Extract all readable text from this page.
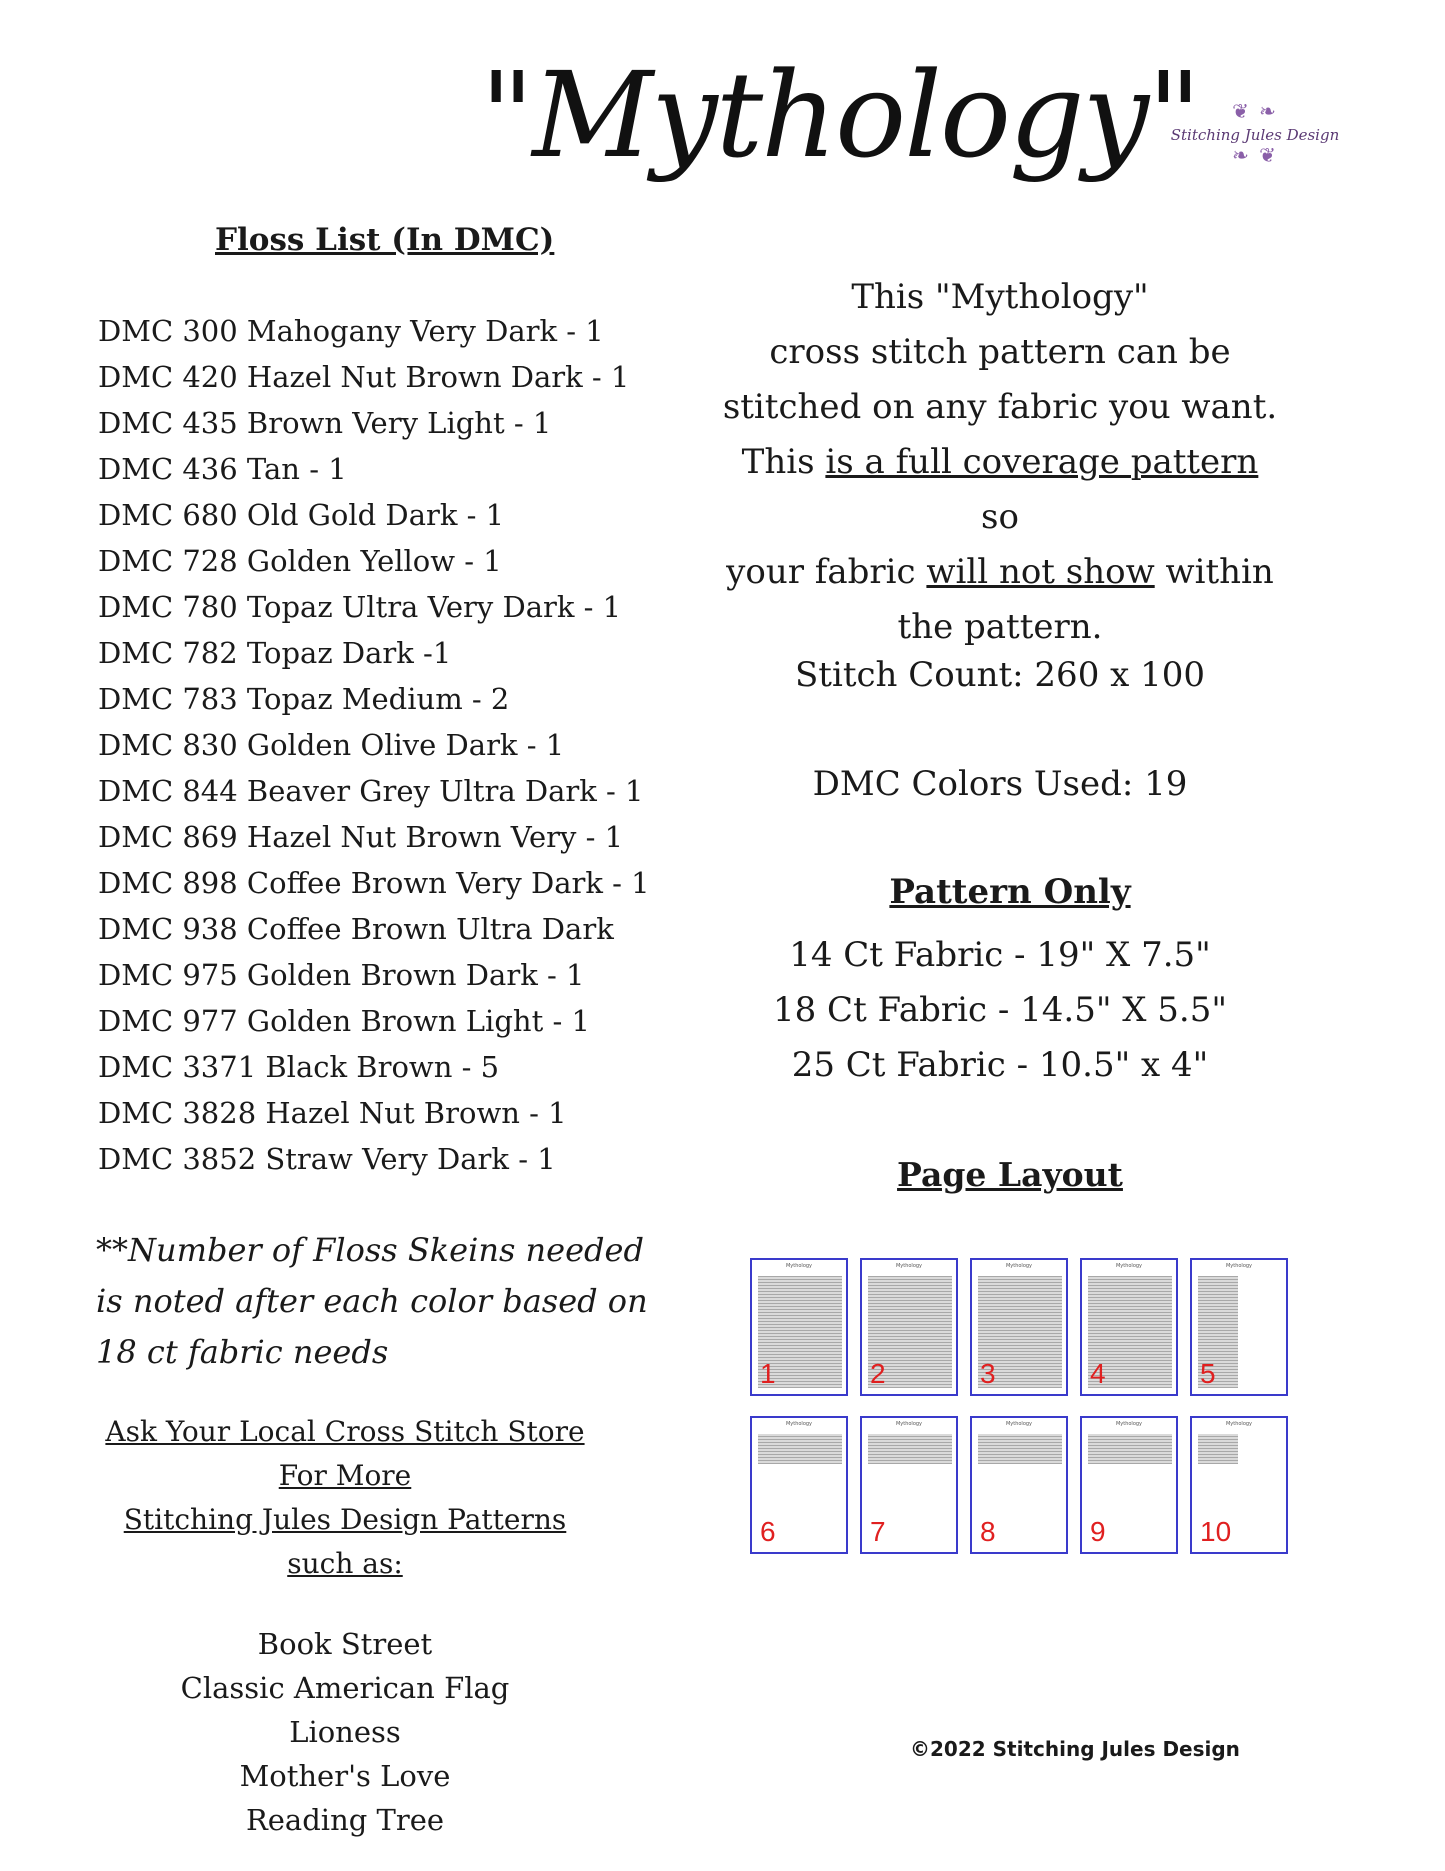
"Mythology"	❦ ❧
Stitching Jules Design
❧ ❦
Floss List (In DMC)
DMC 300 Mahogany Very Dark - 1
DMC 420 Hazel Nut Brown Dark - 1
DMC 435 Brown Very Light - 1
DMC 436 Tan - 1
DMC 680 Old Gold Dark - 1
DMC 728 Golden Yellow - 1
DMC 780 Topaz Ultra Very Dark - 1
DMC 782 Topaz Dark -1
DMC 783 Topaz Medium - 2
DMC 830 Golden Olive Dark - 1
DMC 844 Beaver Grey Ultra Dark - 1
DMC 869 Hazel Nut Brown Very - 1
DMC 898 Coffee Brown Very Dark - 1
DMC 938 Coffee Brown Ultra Dark
DMC 975 Golden Brown Dark - 1
DMC 977 Golden Brown Light - 1
DMC 3371 Black Brown - 5
DMC 3828 Hazel Nut Brown - 1
DMC 3852 Straw Very Dark - 1
**Number of Floss Skeins needed is noted after each color based on 18 ct fabric needs
Ask Your Local Cross Stitch Store For More
Stitching Jules Design Patterns such as:
Book Street
Classic American Flag
Lioness
Mother's Love
Reading Tree
This "Mythology"
cross stitch pattern can be
stitched on any fabric you want.
This is a full coverage pattern so
your fabric will not show within
the pattern.
Stitch Count: 260 x 100
DMC Colors Used: 19
Pattern Only
14 Ct Fabric - 19" X 7.5"
18 Ct Fabric - 14.5" X 5.5"
25 Ct Fabric - 10.5" x 4"
Page Layout
Mythology
1
Mythology
2
Mythology
3
Mythology
4
Mythology
5
Mythology
6
Mythology
7
Mythology
8
Mythology
9
Mythology
10
©2022 Stitching Jules Design
